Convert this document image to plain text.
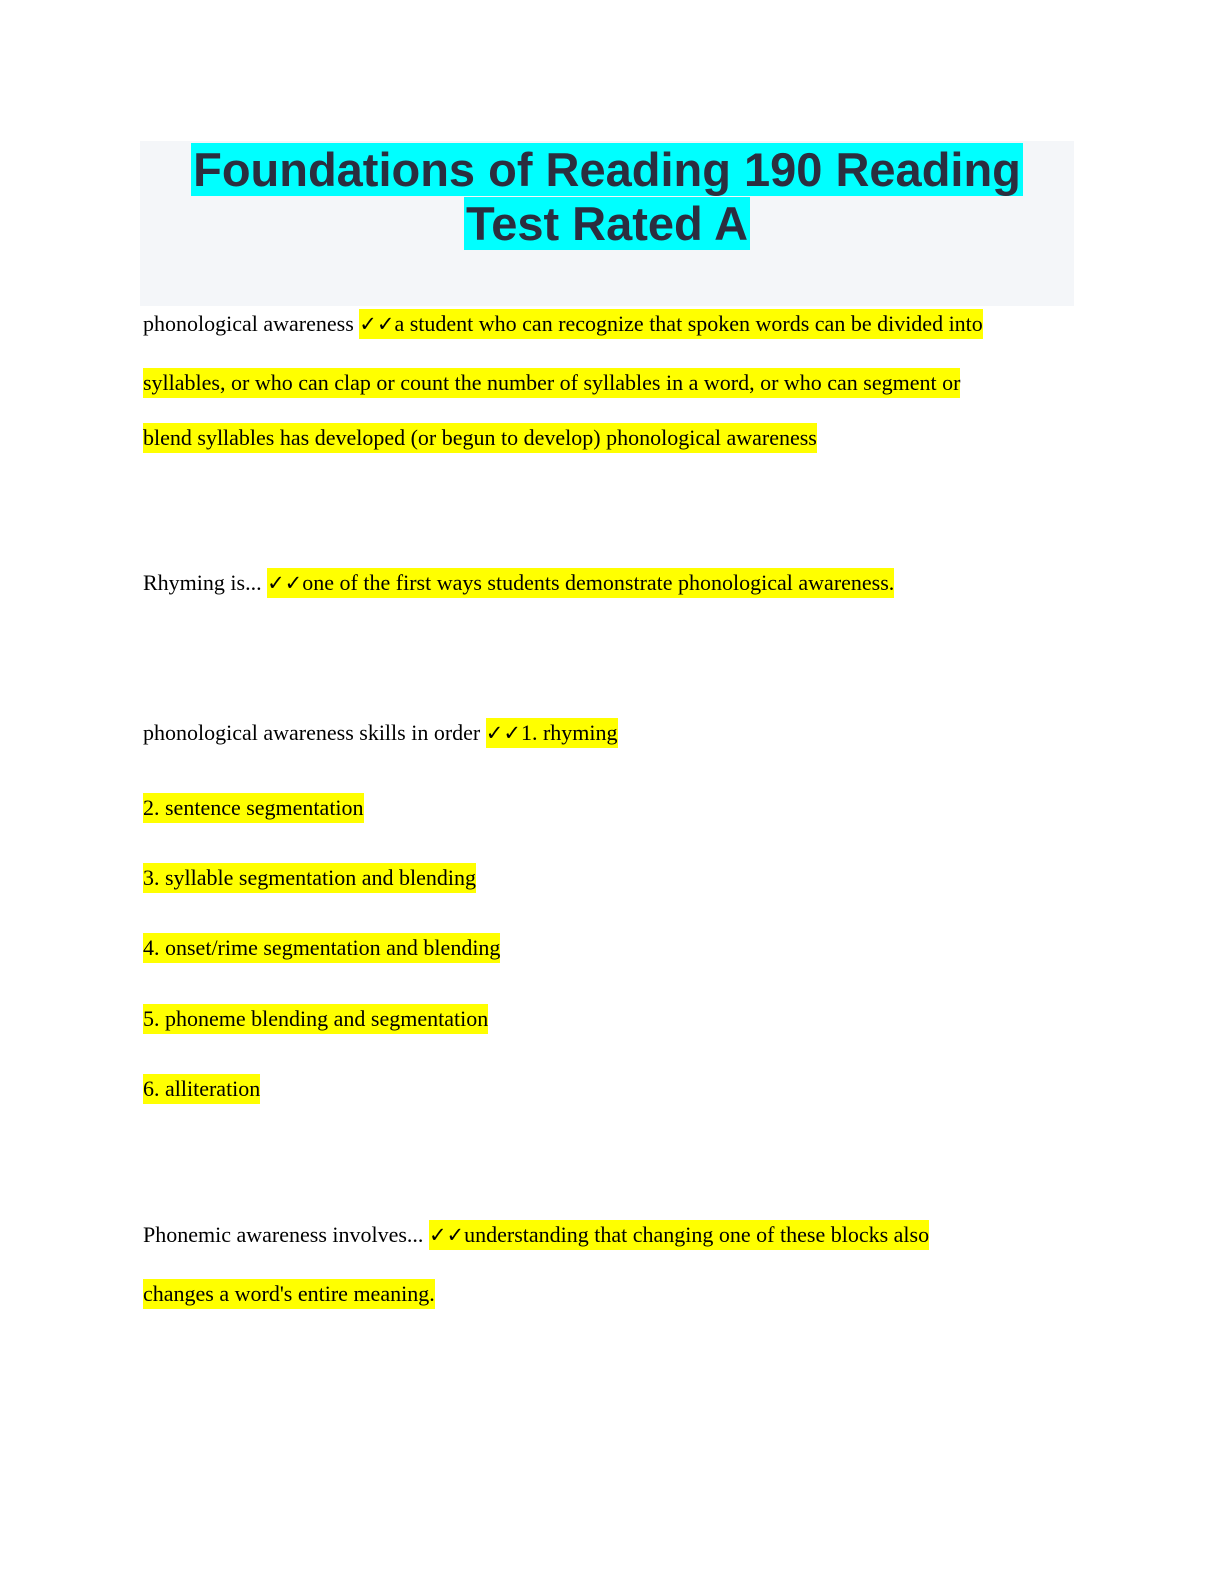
Foundations of Reading 190 Reading
Test Rated A
phonological awareness ✓✓a student who can recognize that spoken words can be divided into
syllables, or who can clap or count the number of syllables in a word, or who can segment or
blend syllables has developed (or begun to develop) phonological awareness
Rhyming is... ✓✓one of the first ways students demonstrate phonological awareness.
phonological awareness skills in order ✓✓1. rhyming
2. sentence segmentation
3. syllable segmentation and blending
4. onset/rime segmentation and blending
5. phoneme blending and segmentation
6. alliteration
Phonemic awareness involves... ✓✓understanding that changing one of these blocks also
changes a word's entire meaning.
